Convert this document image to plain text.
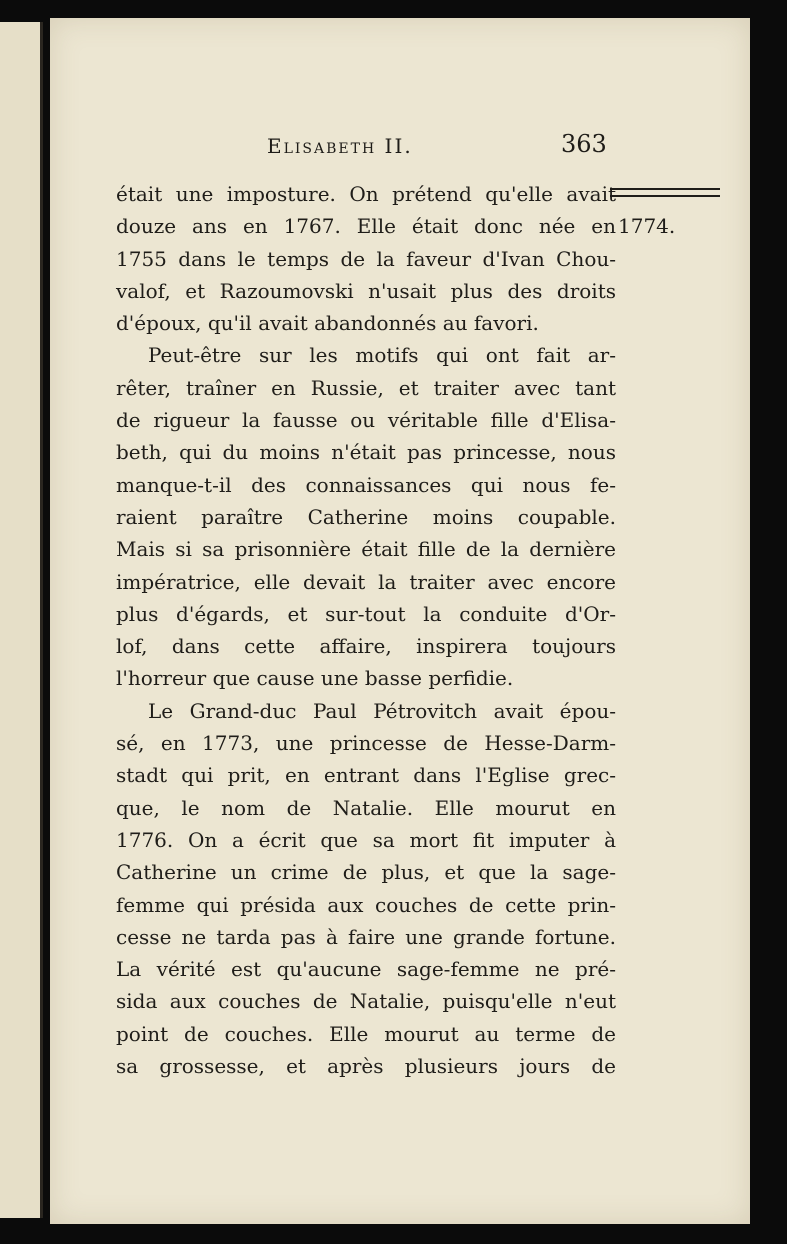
Elisabeth II.	363
1774.
était une imposture. On prétend qu'elle avait
douze ans en 1767. Elle était donc née en
1755 dans le temps de la faveur d'Ivan Chou-
valof, et Razoumovski n'usait plus des droits
d'époux, qu'il avait abandonnés au favori.
Peut-être sur les motifs qui ont fait ar-
rêter, traîner en Russie, et traiter avec tant
de rigueur la fausse ou véritable fille d'Elisa-
beth, qui du moins n'était pas princesse, nous
manque-t-il des connaissances qui nous fe-
raient paraître Catherine moins coupable.
Mais si sa prisonnière était fille de la dernière
impératrice, elle devait la traiter avec encore
plus d'égards, et sur-tout la conduite d'Or-
lof, dans cette affaire, inspirera toujours
l'horreur que cause une basse perfidie.
Le Grand-duc Paul Pétrovitch avait épou-
sé, en 1773, une princesse de Hesse-Darm-
stadt qui prit, en entrant dans l'Eglise grec-
que, le nom de Natalie. Elle mourut en
1776. On a écrit que sa mort fit imputer à
Catherine un crime de plus, et que la sage-
femme qui présida aux couches de cette prin-
cesse ne tarda pas à faire une grande fortune.
La vérité est qu'aucune sage-femme ne pré-
sida aux couches de Natalie, puisqu'elle n'eut
point de couches. Elle mourut au terme de
sa grossesse, et après plusieurs jours de
